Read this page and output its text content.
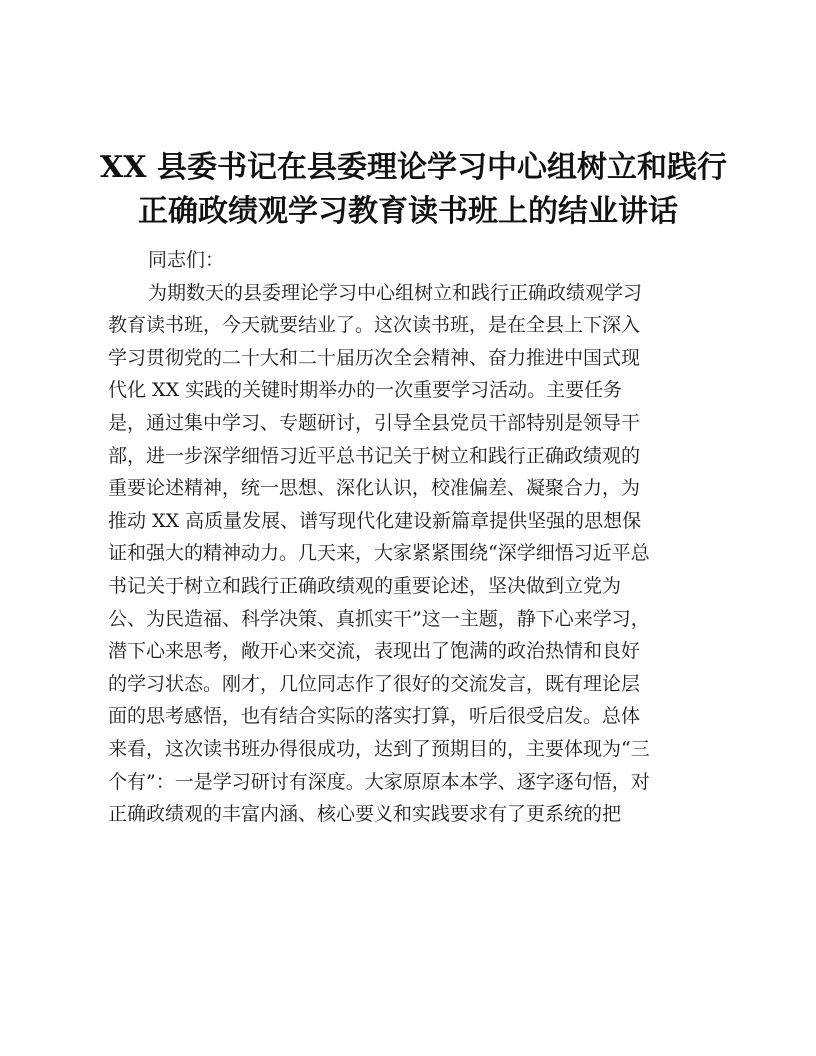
XX 县委书记在县委理论学习中心组树立和践行
正确政绩观学习教育读书班上的结业讲话
同志们：
为期数天的县委理论学习中心组树立和践行正确政绩观学习
教育读书班，今天就要结业了。这次读书班，是在全县上下深入
学习贯彻党的二十大和二十届历次全会精神、奋力推进中国式现
代化 XX 实践的关键时期举办的一次重要学习活动。主要任务
是，通过集中学习、专题研讨，引导全县党员干部特别是领导干
部，进一步深学细悟习近平总书记关于树立和践行正确政绩观的
重要论述精神，统一思想、深化认识，校准偏差、凝聚合力，为
推动 XX 高质量发展、谱写现代化建设新篇章提供坚强的思想保
证和强大的精神动力。几天来，大家紧紧围绕“深学细悟习近平总
书记关于树立和践行正确政绩观的重要论述，坚决做到立党为
公、为民造福、科学决策、真抓实干”这一主题，静下心来学习，
潜下心来思考，敞开心来交流，表现出了饱满的政治热情和良好
的学习状态。刚才，几位同志作了很好的交流发言，既有理论层
面的思考感悟，也有结合实际的落实打算，听后很受启发。总体
来看，这次读书班办得很成功，达到了预期目的，主要体现为“三
个有”：一是学习研讨有深度。大家原原本本学、逐字逐句悟，对
正确政绩观的丰富内涵、核心要义和实践要求有了更系统的把
